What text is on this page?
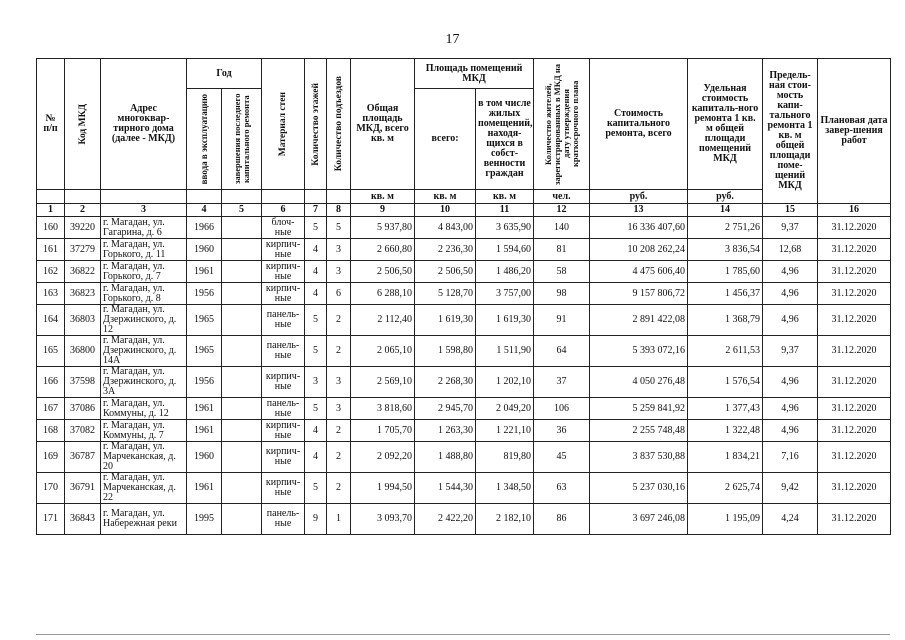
17
№
п/п	Код МКД	Адрес многоквар-тирного дома (далее - МКД)	Год		Материал стен	Количество этажей	Количество подъездов	Общая площадь МКД, всего кв. м	Площадь помещений МКД		Количество жителей, зарегистрированных в МКД на дату утверждения краткосрочного плана	Стоимость капитального ремонта, всего	Удельная стоимость капиталь-ного ремонта 1 кв. м общей площади помещений МКД	Предель-ная стои-мость капи-тального ремонта 1 кв. м общей площади поме-щений МКД	Плановая дата завер-шения работ

			ввода в эксплуатацию	завершения последнего капитального ремонта					всего:	в том числе жилых помещений, находя-щихся в собст-венности граждан					
								кв. м	кв. м	кв. м	чел.	руб.	руб.		
1	2	3	4	5	6	7	8	9	10	11	12	13	14	15	16
160	39220	г. Магадан, ул. Гагарина, д. 6	1966		блоч-ные	5	5	5 937,80	4 843,00	3 635,90	140	16 336 407,60	2 751,26	9,37	31.12.2020
161	37279	г. Магадан, ул. Горького, д. 11	1960		кирпич-ные	4	3	2 660,80	2 236,30	1 594,60	81	10 208 262,24	3 836,54	12,68	31.12.2020
162	36822	г. Магадан, ул. Горького, д. 7	1961		кирпич-ные	4	3	2 506,50	2 506,50	1 486,20	58	4 475 606,40	1 785,60	4,96	31.12.2020
163	36823	г. Магадан, ул. Горького, д. 8	1956		кирпич-ные	4	6	6 288,10	5 128,70	3 757,00	98	9 157 806,72	1 456,37	4,96	31.12.2020
164	36803	г. Магадан, ул. Дзержинского, д. 12	1965		панель-ные	5	2	2 112,40	1 619,30	1 619,30	91	2 891 422,08	1 368,79	4,96	31.12.2020
165	36800	г. Магадан, ул. Дзержинского, д. 14А	1965		панель-ные	5	2	2 065,10	1 598,80	1 511,90	64	5 393 072,16	2 611,53	9,37	31.12.2020
166	37598	г. Магадан, ул. Дзержинского, д. 3А	1956		кирпич-ные	3	3	2 569,10	2 268,30	1 202,10	37	4 050 276,48	1 576,54	4,96	31.12.2020
167	37086	г. Магадан, ул. Коммуны, д. 12	1961		панель-ные	5	3	3 818,60	2 945,70	2 049,20	106	5 259 841,92	1 377,43	4,96	31.12.2020
168	37082	г. Магадан, ул. Коммуны, д. 7	1961		кирпич-ные	4	2	1 705,70	1 263,30	1 221,10	36	2 255 748,48	1 322,48	4,96	31.12.2020
169	36787	г. Магадан, ул. Марчеканская, д. 20	1960		кирпич-ные	4	2	2 092,20	1 488,80	819,80	45	3 837 530,88	1 834,21	7,16	31.12.2020
170	36791	г. Магадан, ул. Марчеканская, д. 22	1961		кирпич-ные	5	2	1 994,50	1 544,30	1 348,50	63	5 237 030,16	2 625,74	9,42	31.12.2020
171	36843	г. Магадан, ул. Набережная реки	1995		панель-ные	9	1	3 093,70	2 422,20	2 182,10	86	3 697 246,08	1 195,09	4,24	31.12.2020
